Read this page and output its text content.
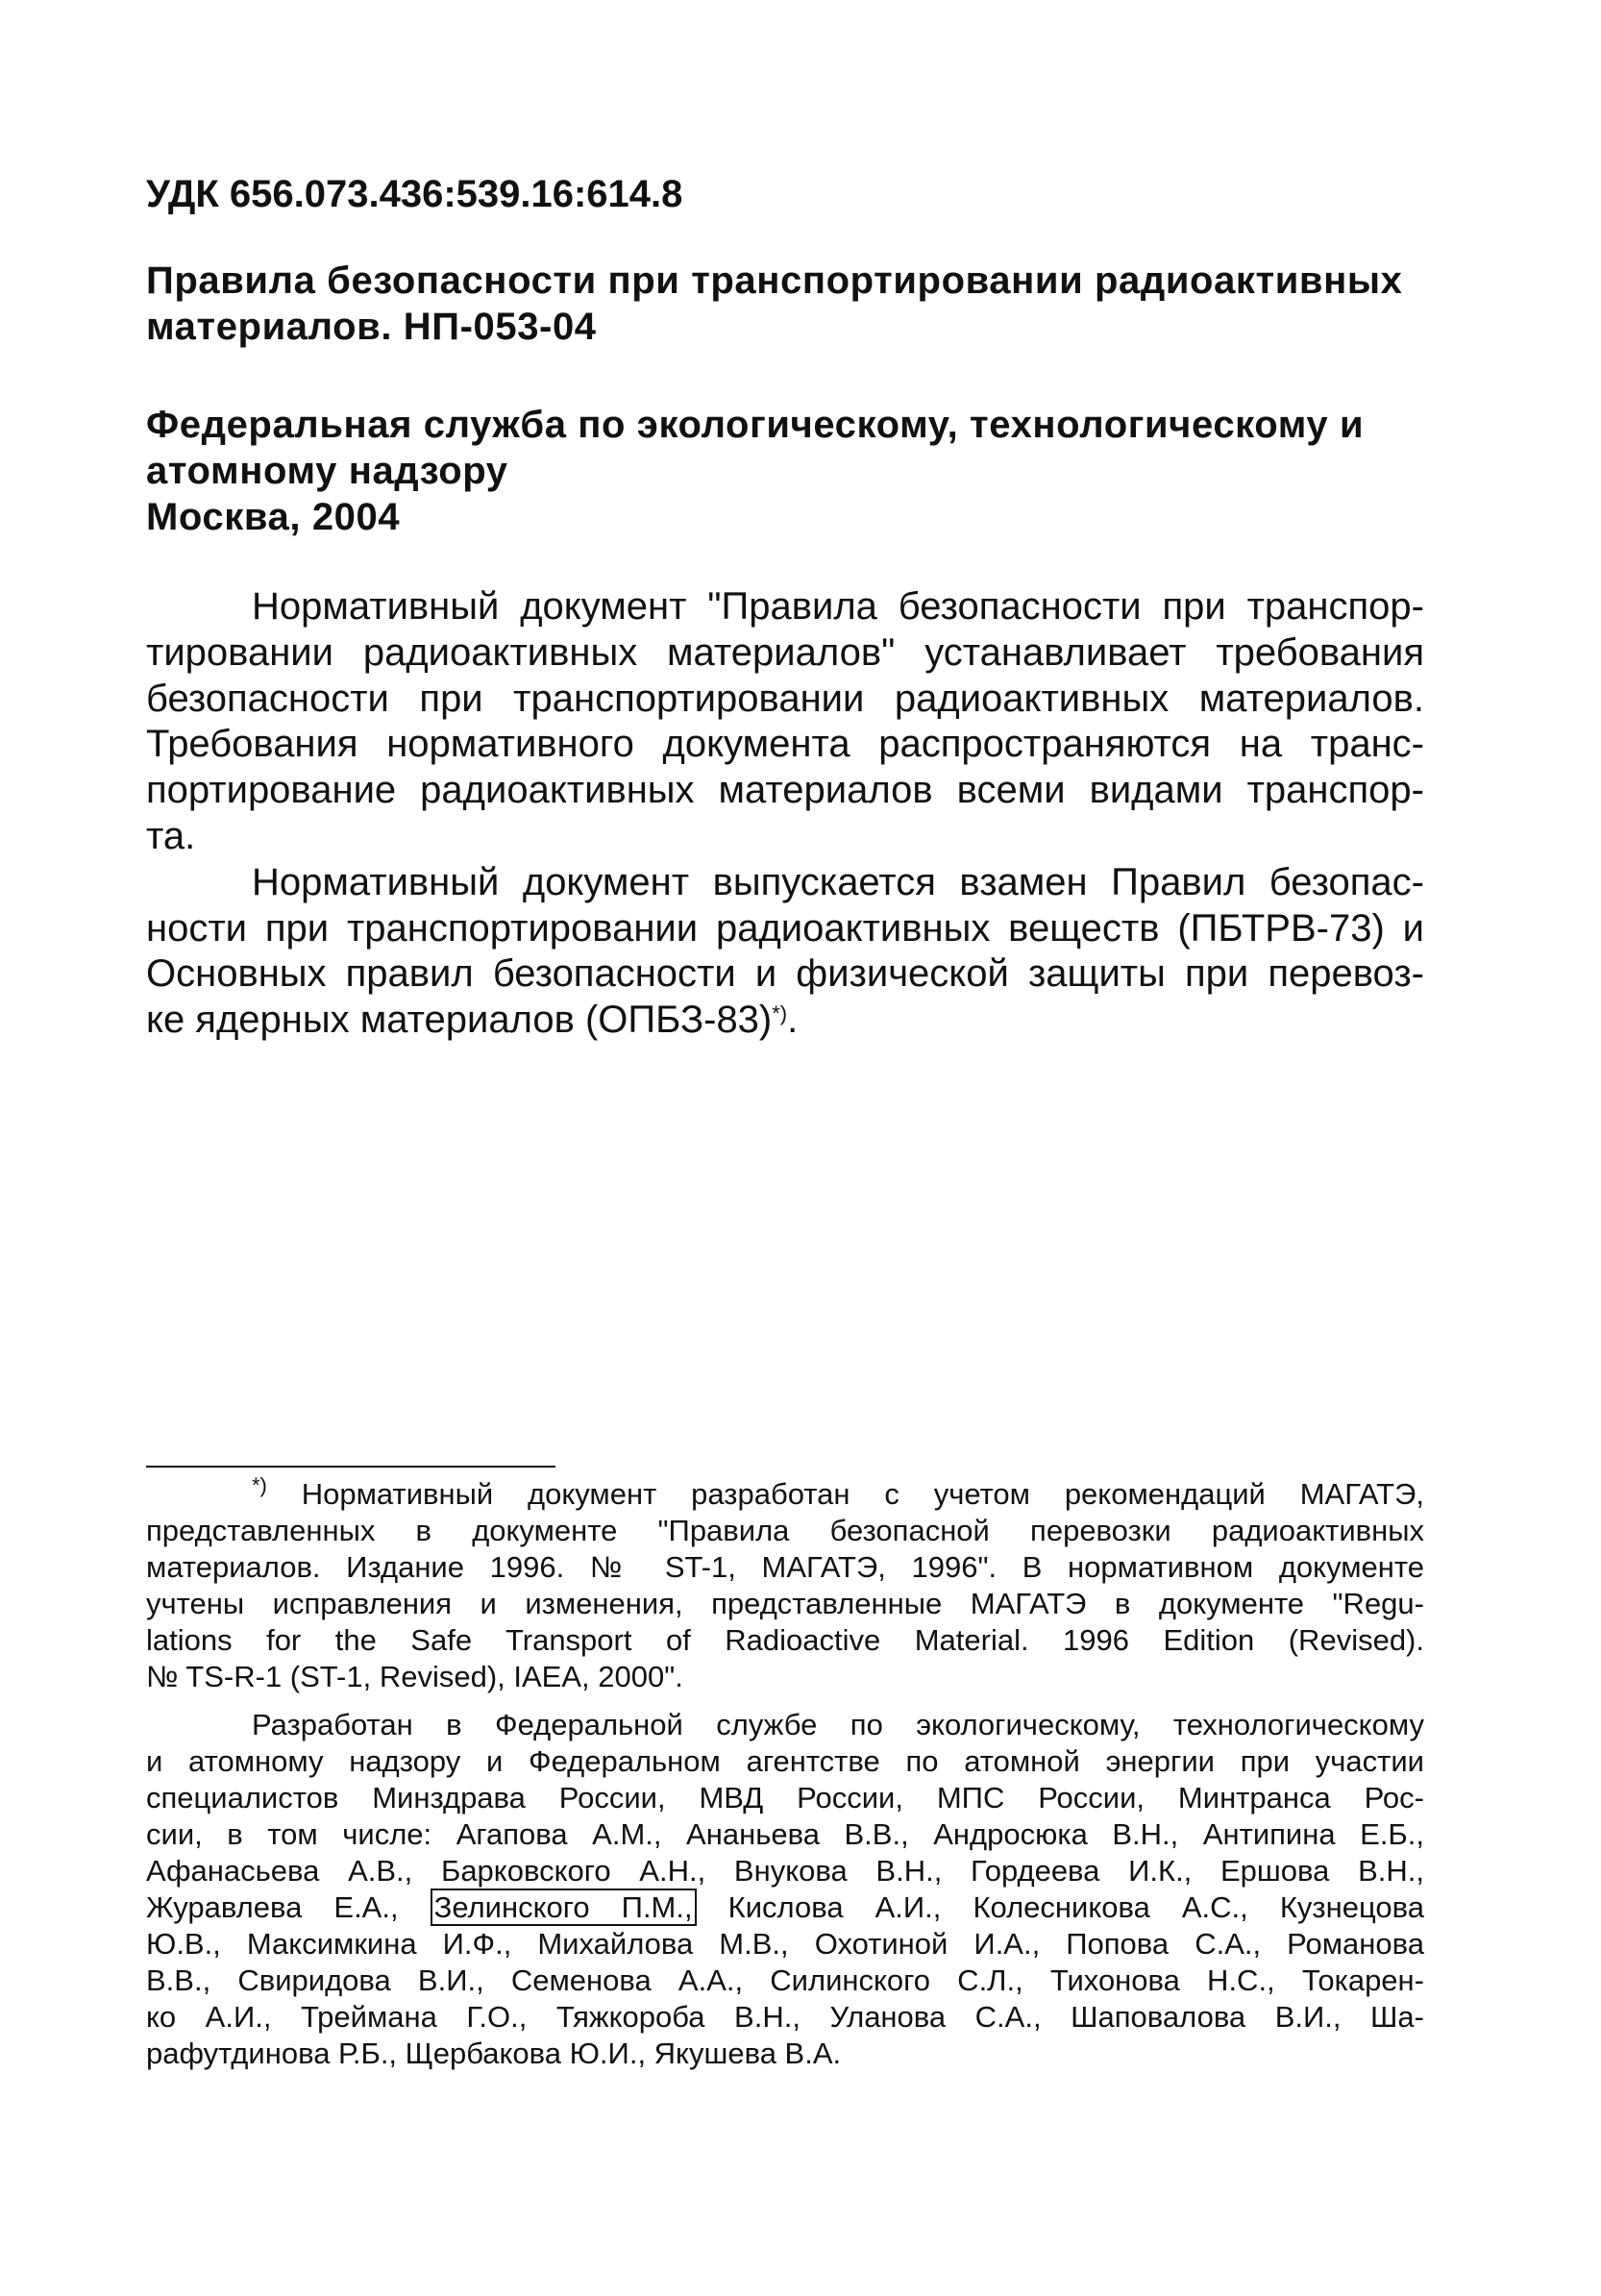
УДК 656.073.436:539.16:614.8

Правила безопасности при транспортировании радиоактивных
материалов. НП-053-04
Федеральная служба по экологическому, технологическому и
атомному надзору
Москва, 2004
Нормативный документ "Правила безопасности при транспор-
тировании радиоактивных материалов" устанавливает требования
безопасности при транспортировании радиоактивных материалов.
Требования нормативного документа распространяются на транс-
портирование радиоактивных материалов всеми видами транспор-
та.
Нормативный документ выпускается взамен Правил безопас-
ности при транспортировании радиоактивных веществ (ПБТРВ-73) и
Основных правил безопасности и физической защиты при перевоз-
ке ядерных материалов (ОПБЗ-83)*).
*) Нормативный документ разработан с учетом рекомендаций МАГАТЭ,
представленных в документе "Правила безопасной перевозки радиоактивных
материалов. Издание 1996. № ST-1, МАГАТЭ, 1996". В нормативном документе
учтены исправления и изменения, представленные МАГАТЭ в документе "Regu-
lations for the Safe Transport of Radioactive Material. 1996 Edition (Revised).
№ TS-R-1 (ST-1, Revised), IAEA, 2000".
Разработан в Федеральной службе по экологическому, технологическому
и атомному надзору и Федеральном агентстве по атомной энергии при участии
специалистов Минздрава России, МВД России, МПС России, Минтранса Рос-
сии, в том числе: Агапова А.М., Ананьева В.В., Андросюка В.Н., Антипина Е.Б.,
Афанасьева А.В., Барковского А.Н., Внукова В.Н., Гордеева И.К., Ершова В.Н.,
Журавлева Е.А., Зелинского П.М., Кислова А.И., Колесникова А.С., Кузнецова
Ю.В., Максимкина И.Ф., Михайлова М.В., Охотиной И.А., Попова С.А., Романова
В.В., Свиридова В.И., Семенова А.А., Силинского С.Л., Тихонова Н.С., Токарен-
ко А.И., Треймана Г.О., Тяжкороба В.Н., Уланова С.А., Шаповалова В.И., Ша-
рафутдинова Р.Б., Щербакова Ю.И., Якушева В.А.
